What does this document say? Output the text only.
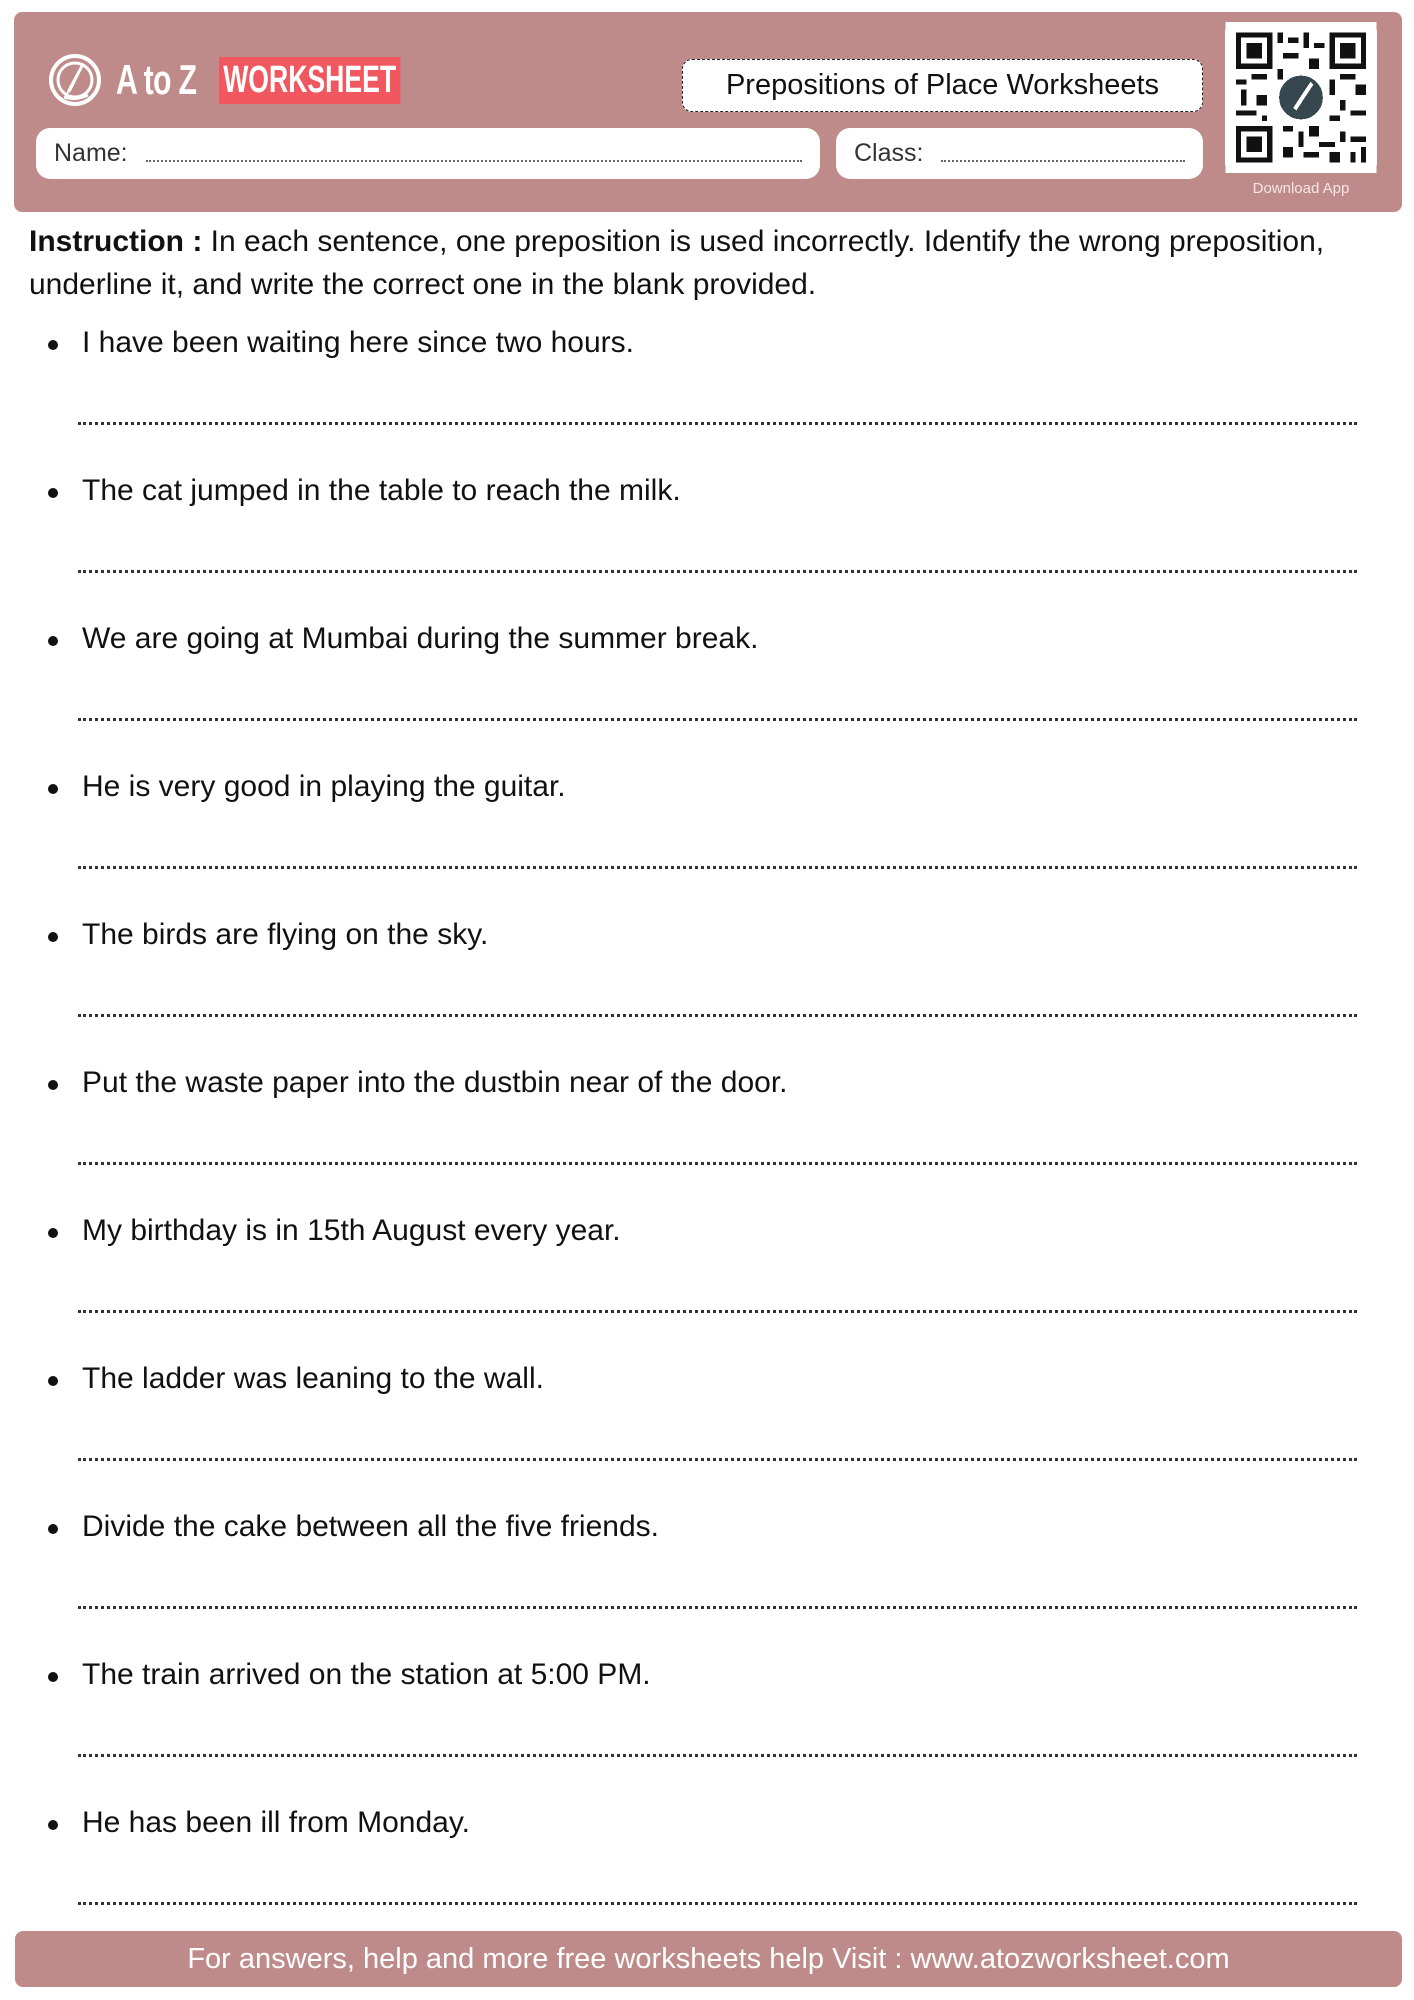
A to Z WORKSHEET	Prepositions of Place Worksheets
Name:	Class:
Download App
Instruction : In each sentence, one preposition is used incorrectly. Identify the wrong preposition, underline it, and write the correct one in the blank provided.
I have been waiting here since two hours.
The cat jumped in the table to reach the milk.
We are going at Mumbai during the summer break.
He is very good in playing the guitar.
The birds are flying on the sky.
Put the waste paper into the dustbin near of the door.
My birthday is in 15th August every year.
The ladder was leaning to the wall.
Divide the cake between all the five friends.
The train arrived on the station at 5:00 PM.
He has been ill from Monday.
For answers, help and more free worksheets help Visit : www.atozworksheet.com
